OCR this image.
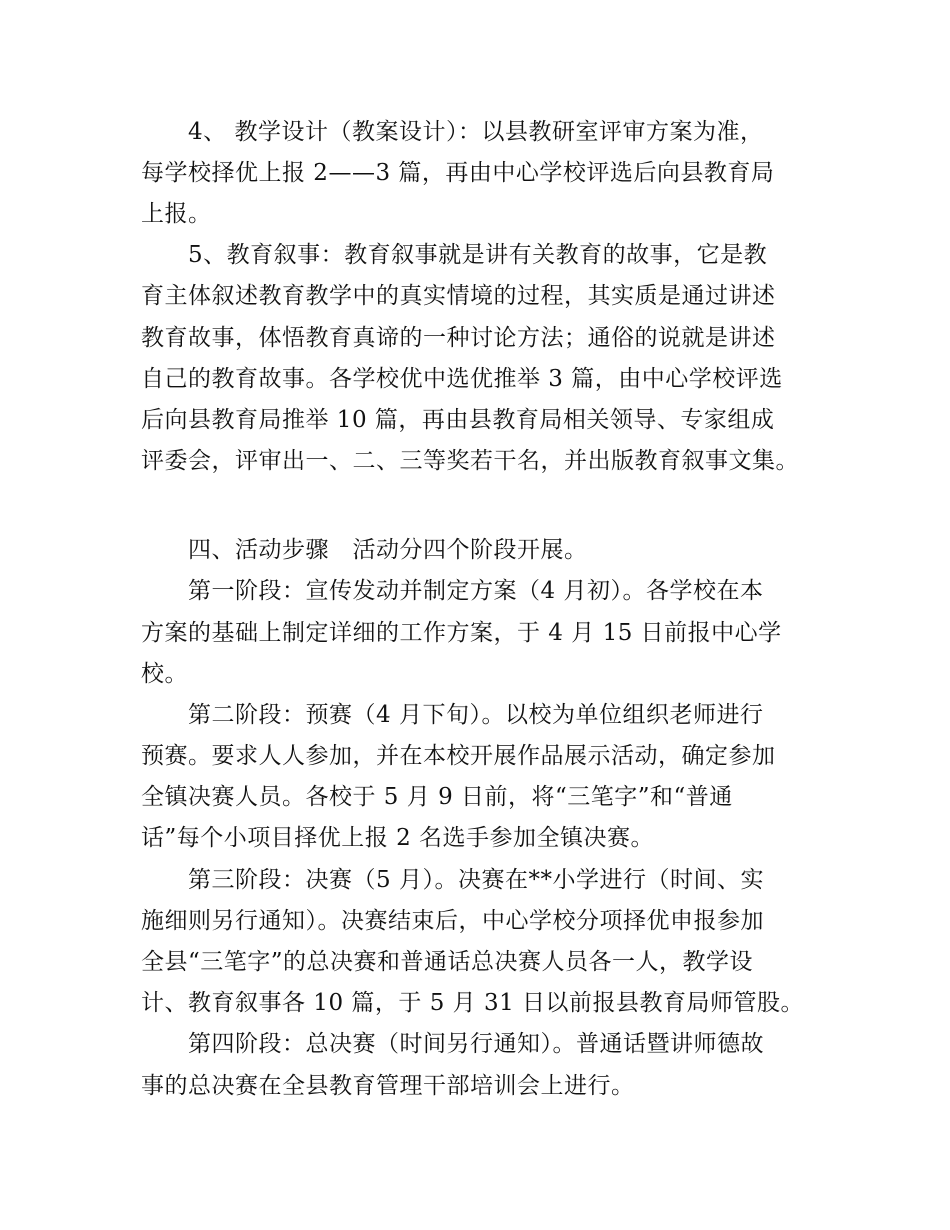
4、 教学设计（教案设计）：以县教研室评审方案为准，
每学校择优上报 2——3 篇，再由中心学校评选后向县教育局
上报。
5、教育叙事：教育叙事就是讲有关教育的故事，它是教
育主体叙述教育教学中的真实情境的过程，其实质是通过讲述
教育故事，体悟教育真谛的一种讨论方法；通俗的说就是讲述
自己的教育故事。各学校优中选优推举 3 篇，由中心学校评选
后向县教育局推举 10 篇，再由县教育局相关领导、专家组成
评委会，评审出一、二、三等奖若干名，并出版教育叙事文集。
四、活动步骤　活动分四个阶段开展。
第一阶段：宣传发动并制定方案（4 月初）。各学校在本
方案的基础上制定详细的工作方案，于 4 月 15 日前报中心学
校。
第二阶段：预赛（4 月下旬）。以校为单位组织老师进行
预赛。要求人人参加，并在本校开展作品展示活动，确定参加
全镇决赛人员。各校于 5 月 9 日前，将“三笔字”和“普通
话”每个小项目择优上报 2 名选手参加全镇决赛。
第三阶段：决赛（5 月）。决赛在**小学进行（时间、实
施细则另行通知）。决赛结束后，中心学校分项择优申报参加
全县“三笔字”的总决赛和普通话总决赛人员各一人，教学设
计、教育叙事各 10 篇，于 5 月 31 日以前报县教育局师管股。
第四阶段：总决赛（时间另行通知）。普通话暨讲师德故
事的总决赛在全县教育管理干部培训会上进行。
